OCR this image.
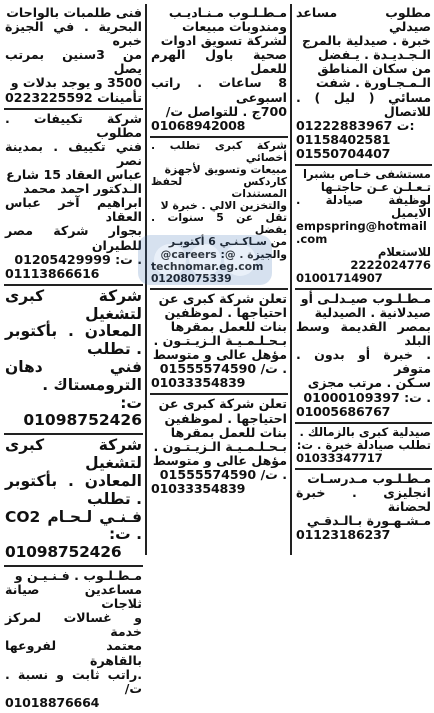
مطلوب مساعد صيدلي

خبرة . صيدلية بالمرج

الـجـديـدة . يـفضل

من سكان المناطق

الـمـجـاورة . شفت

مسائي ( ليل ) . للاتصال

01222883967 ت:

01158402581

01550704407

مستشفى خـاص بشبرا

تـعـلـن عـن حاجتـها

لوظيفة صيادلة . الايميل

empspring@hotmail.com

للاستعلام 2222024776

01001714907

مـطـلـوب صيـدلـى أو

صيدلانية . الصيدلية

بمصر القديمة وسط البلد

. خبرة أو بدون . متوفر

سـكن . مرتب مجزى

. ت: 01000109397

01005686767

صيدلية كبرى بالزمالك .

تطلب صيادلة خبرة . ت:

01033347717

مـطـلـوب مـدرسـات

انجليزى . خبرة لحضانة

مـشـهـورة بـالـدقـي

01123186237

مـطـلـوب مـنـاديـب

ومندوبات مبيعات

لشركة تسويق ادوات

صحية باول الهرم للعمل

8 ساعات . راتب اسبوعى

700ج . للتواصل ت/

01068942008

شركة كبرى تطلب . أخصائي

مبيعات وتسويق لأجهزة

كاردكس لحفظ المستندات

والتخزين الالي . خبرة لا

تقل عن 5 سنوات . يفضل

من سـاكـنـي 6 أكتوبـر

والجيزة . @: careers@

technomar.eg.com

01208075339

تعلن شركة كبرى عن

احتياجها . لموظفين

بنات للعمل بمقرها

بـحـلـمـيـة الـزيـتـون .

مؤهل عالى و متوسط

. ت/ 01555574590

01033354839

تعلن شركة كبرى عن

احتياجها . لموظفين

بنات للعمل بمقرها

بـحـلـمـيـة الـزيـتـون .

مؤهل عالى و متوسط

. ت/ 01555574590

01033354839

فنى طلمبات بالواحات

البحرية . في الجيزة خبره

من 3سنين بمرتب يصل

3500 و يوجد بدلات و

تأمينات 0223225592

شركة تكييفات . مطلوب

فني تكييف . بمدينة نصر

عباس العقاد 15 شارع

الـدكتور احمد محمد

ابراهيم آخر عباس العقاد

بجوار شركة مصر للطيران

. ت: 01205429999

01113866616

شركة كبرى لتشغيل

المعادن . بأكتوبر . تطلب

فني دهان الترومستاك .

ت: 01098752426

شركة كبرى لتشغيل

المعادن . بأكتوبر . تطلب

فـنـي لـحـام CO2 . ت:

01098752426

مـطـلـوب . فـنـيـن و

مساعدين صيانة ثلاجات

و غسالات لمركز خدمة

معتمد لفروعها بالقاهرة

.راتب ثابت و نسبة . ت/

01018876664
